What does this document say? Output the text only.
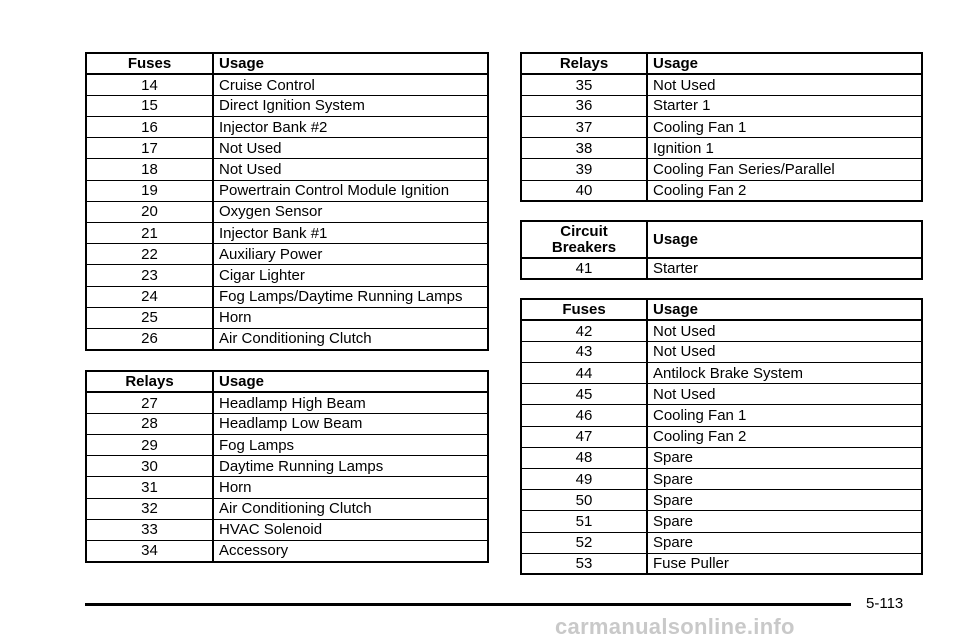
Fuses	Usage
14	Cruise Control
15	Direct Ignition System
16	Injector Bank #2
17	Not Used
18	Not Used
19	Powertrain Control Module Ignition
20	Oxygen Sensor
21	Injector Bank #1
22	Auxiliary Power
23	Cigar Lighter
24	Fog Lamps/Daytime Running Lamps
25	Horn
26	Air Conditioning Clutch
Relays	Usage
27	Headlamp High Beam
28	Headlamp Low Beam
29	Fog Lamps
30	Daytime Running Lamps
31	Horn
32	Air Conditioning Clutch
33	HVAC Solenoid
34	Accessory
Relays	Usage
35	Not Used
36	Starter 1
37	Cooling Fan 1
38	Ignition 1
39	Cooling Fan Series/Parallel
40	Cooling Fan 2
Circuit
Breakers	Usage
41	Starter
Fuses	Usage
42	Not Used
43	Not Used
44	Antilock Brake System
45	Not Used
46	Cooling Fan 1
47	Cooling Fan 2
48	Spare
49	Spare
50	Spare
51	Spare
52	Spare
53	Fuse Puller
5-113
carmanualsonline.info
